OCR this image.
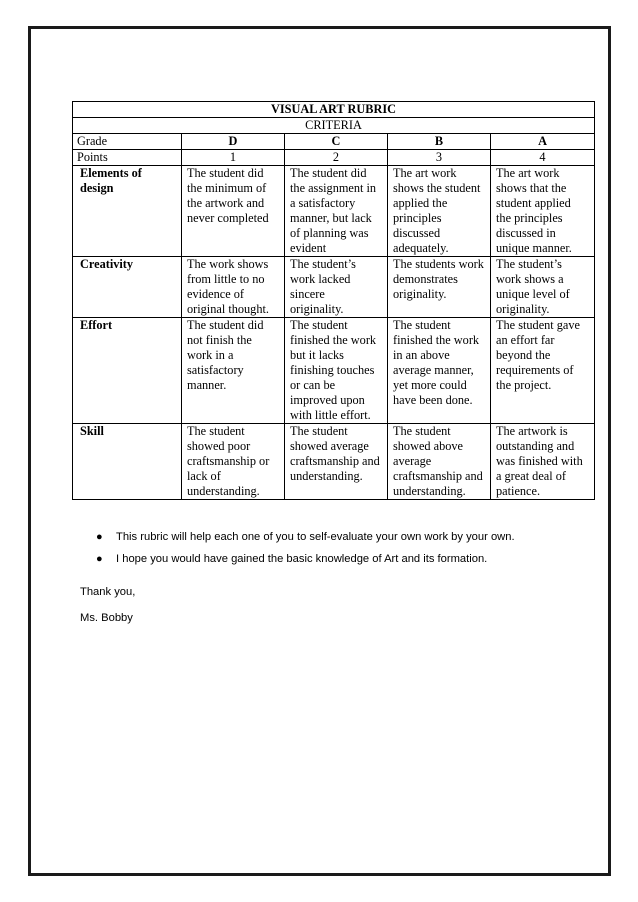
VISUAL ART RUBRIC				
CRITERIA				
Grade	D	C	B	A
Points	1	2	3	4
Elements of design	The student did the minimum of the artwork and never completed	The student did the assignment in a satisfactory manner, but lack of planning was evident	The art work shows the student applied the principles discussed adequately.	The art work shows that the student applied the principles discussed in unique manner.
Creativity	The work shows from little to no evidence of original thought.	The student’s work lacked sincere originality.	The students work demonstrates originality.	The student’s work shows a unique level of originality.
Effort	The student did not finish the work in a satisfactory manner.	The student finished the work but it lacks finishing touches or can be improved upon with little effort.	The student finished the work in an above average manner, yet more could have been done.	The student gave an effort far beyond the requirements of the project.
Skill	The student showed poor craftsmanship or lack of understanding.	The student showed average craftsmanship and understanding.	The student showed above average craftsmanship and understanding.	The artwork is outstanding and was finished with a great deal of patience.
● This rubric will help each one of you to self-evaluate your own work by your own.
● I hope you would have gained the basic knowledge of Art and its formation.
Thank you,
Ms. Bobby
